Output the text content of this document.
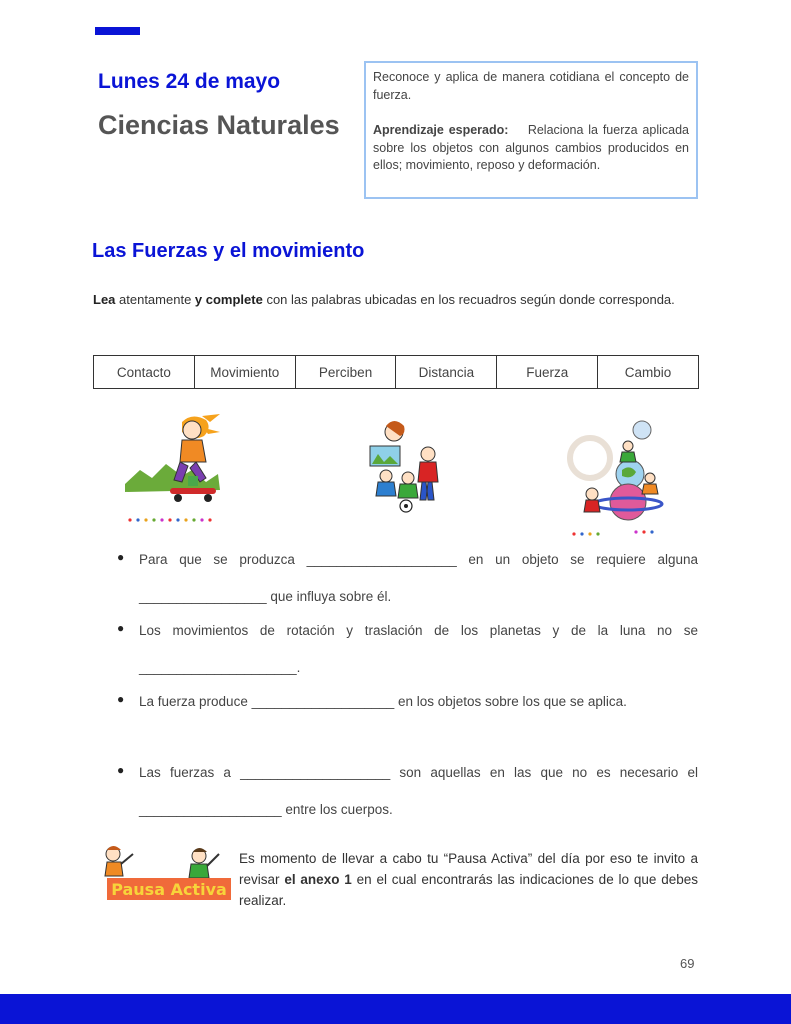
Lunes 24 de mayo
Ciencias Naturales

Reconoce y aplica de manera cotidiana el concepto de fuerza.

Aprendizaje esperado: Relaciona la fuerza aplicada sobre los objetos con algunos cambios producidos en ellos; movimiento, reposo y deformación.

Las Fuerzas y el movimiento
Lea atentamente y complete con las palabras ubicadas en los recuadros según donde corresponda.
Contacto	Movimiento	Perciben	Distancia	Fuerza	Cambio
● Para que se produzca ____________________ en un objeto se requiere alguna
_________________ que influya sobre él.
● Los movimientos de rotación y traslación de los planetas y de la luna no se
_____________________.
● La fuerza produce ___________________ en los objetos sobre los que se aplica.
● Las fuerzas a ____________________ son aquellas en las que no es necesario el
___________________ entre los cuerpos.
Pausa Activa
Es momento de llevar a cabo tu “Pausa Activa” del día por eso te invito a revisar el anexo 1 en el cual encontrarás las indicaciones de lo que debes realizar.
69
